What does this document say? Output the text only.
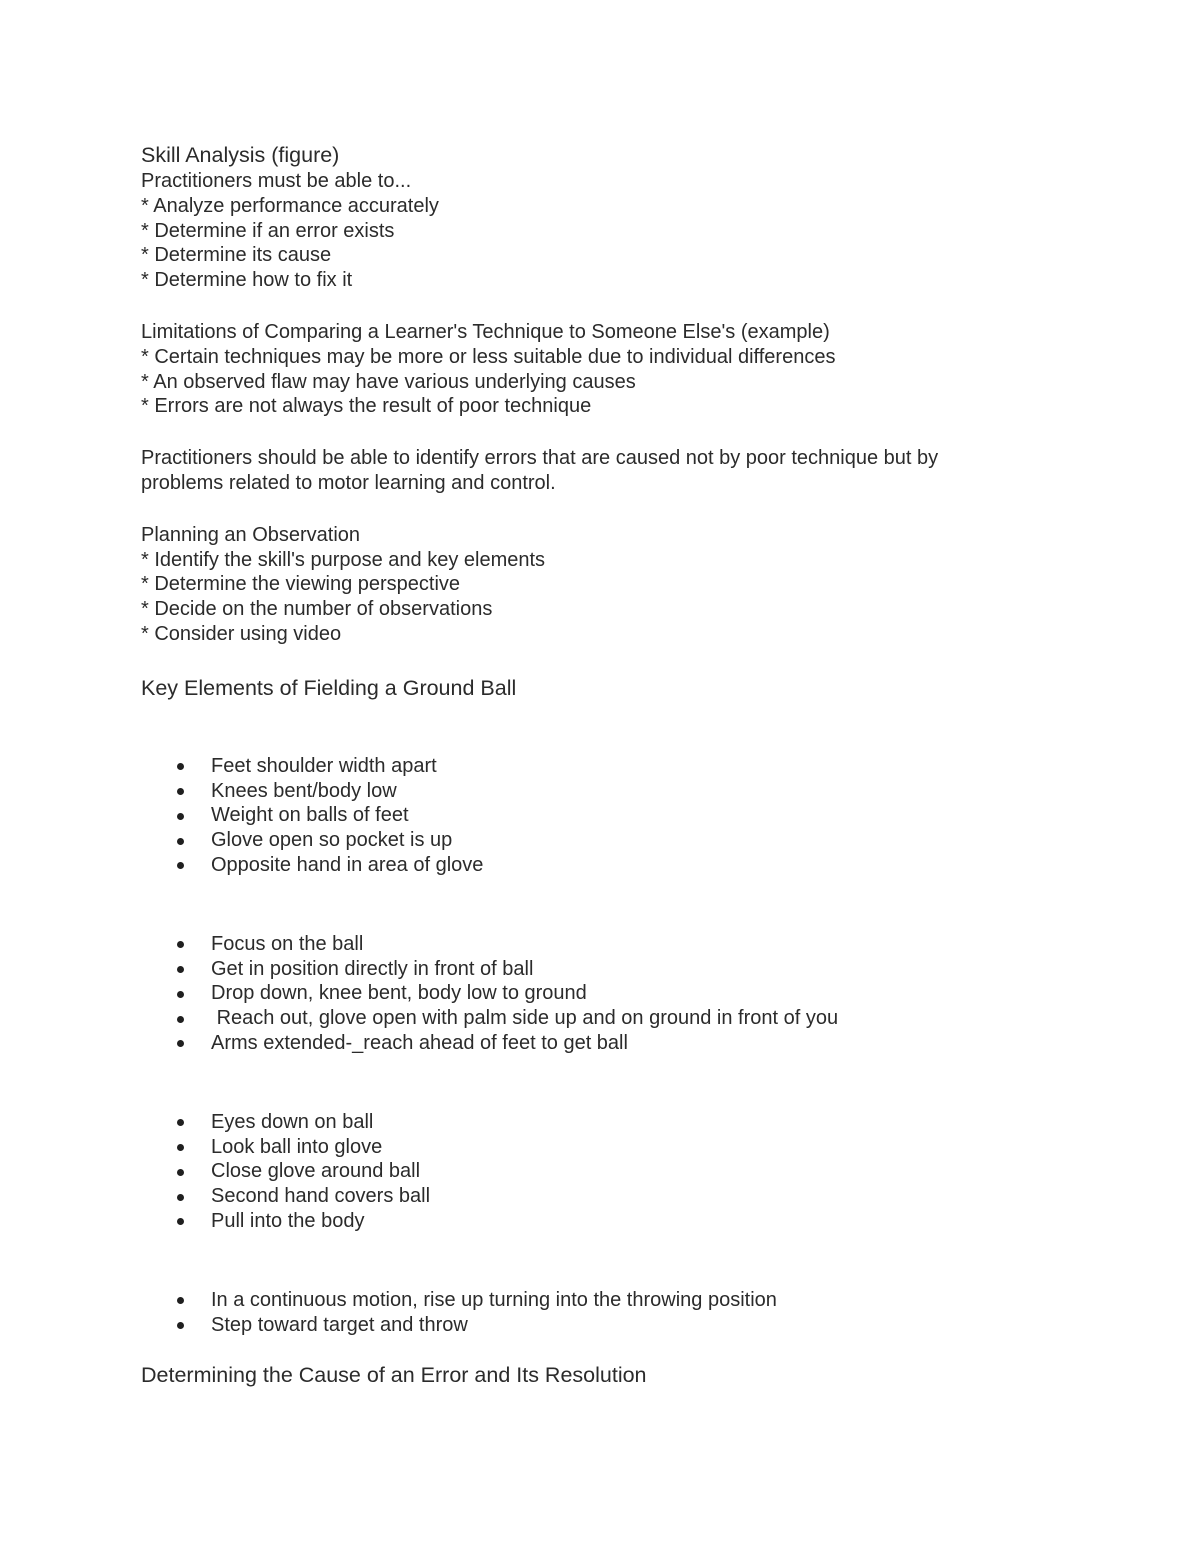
Skill Analysis (figure)
Practitioners must be able to...
* Analyze performance accurately
* Determine if an error exists
* Determine its cause
* Determine how to fix it
Limitations of Comparing a Learner's Technique to Someone Else's (example)
* Certain techniques may be more or less suitable due to individual differences
* An observed flaw may have various underlying causes
* Errors are not always the result of poor technique
Practitioners should be able to identify errors that are caused not by poor technique but by
problems related to motor learning and control.
Planning an Observation
* Identify the skill's purpose and key elements
* Determine the viewing perspective
* Decide on the number of observations
* Consider using video
Key Elements of Fielding a Ground Ball
Feet shoulder width apart
Knees bent/body low
Weight on balls of feet
Glove open so pocket is up
Opposite hand in area of glove
Focus on the ball
Get in position directly in front of ball
Drop down, knee bent, body low to ground
Reach out, glove open with palm side up and on ground in front of you
Arms extended-_reach ahead of feet to get ball
Eyes down on ball
Look ball into glove
Close glove around ball
Second hand covers ball
Pull into the body
In a continuous motion, rise up turning into the throwing position
Step toward target and throw
Determining the Cause of an Error and Its Resolution
